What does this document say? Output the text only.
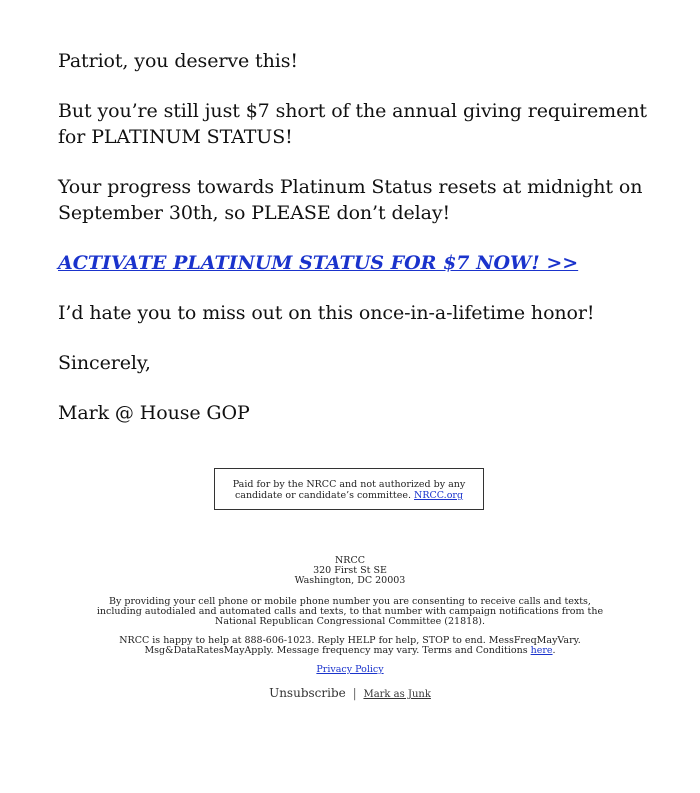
Patriot, you deserve this!

But you’re still just $7 short of the annual giving requirement for PLATINUM STATUS!

Your progress towards Platinum Status resets at midnight on September 30th, so PLEASE don’t delay!

ACTIVATE PLATINUM STATUS FOR $7 NOW! >>

I’d hate you to miss out on this once-in-a-lifetime honor!

Sincerely,

Mark @ House GOP

Paid for by the NRCC and not authorized by any candidate or candidate’s committee. NRCC.org
NRCC
320 First St SE
Washington, DC 20003
By providing your cell phone or mobile phone number you are consenting to receive calls and texts, including autodialed and automated calls and texts, to that number with campaign notifications from the National Republican Congressional Committee (21818).
NRCC is happy to help at 888-606-1023. Reply HELP for help, STOP to end. MessFreqMayVary. Msg&DataRatesMayApply. Message frequency may vary. Terms and Conditions here.
Privacy Policy
Unsubscribe | Mark as Junk
